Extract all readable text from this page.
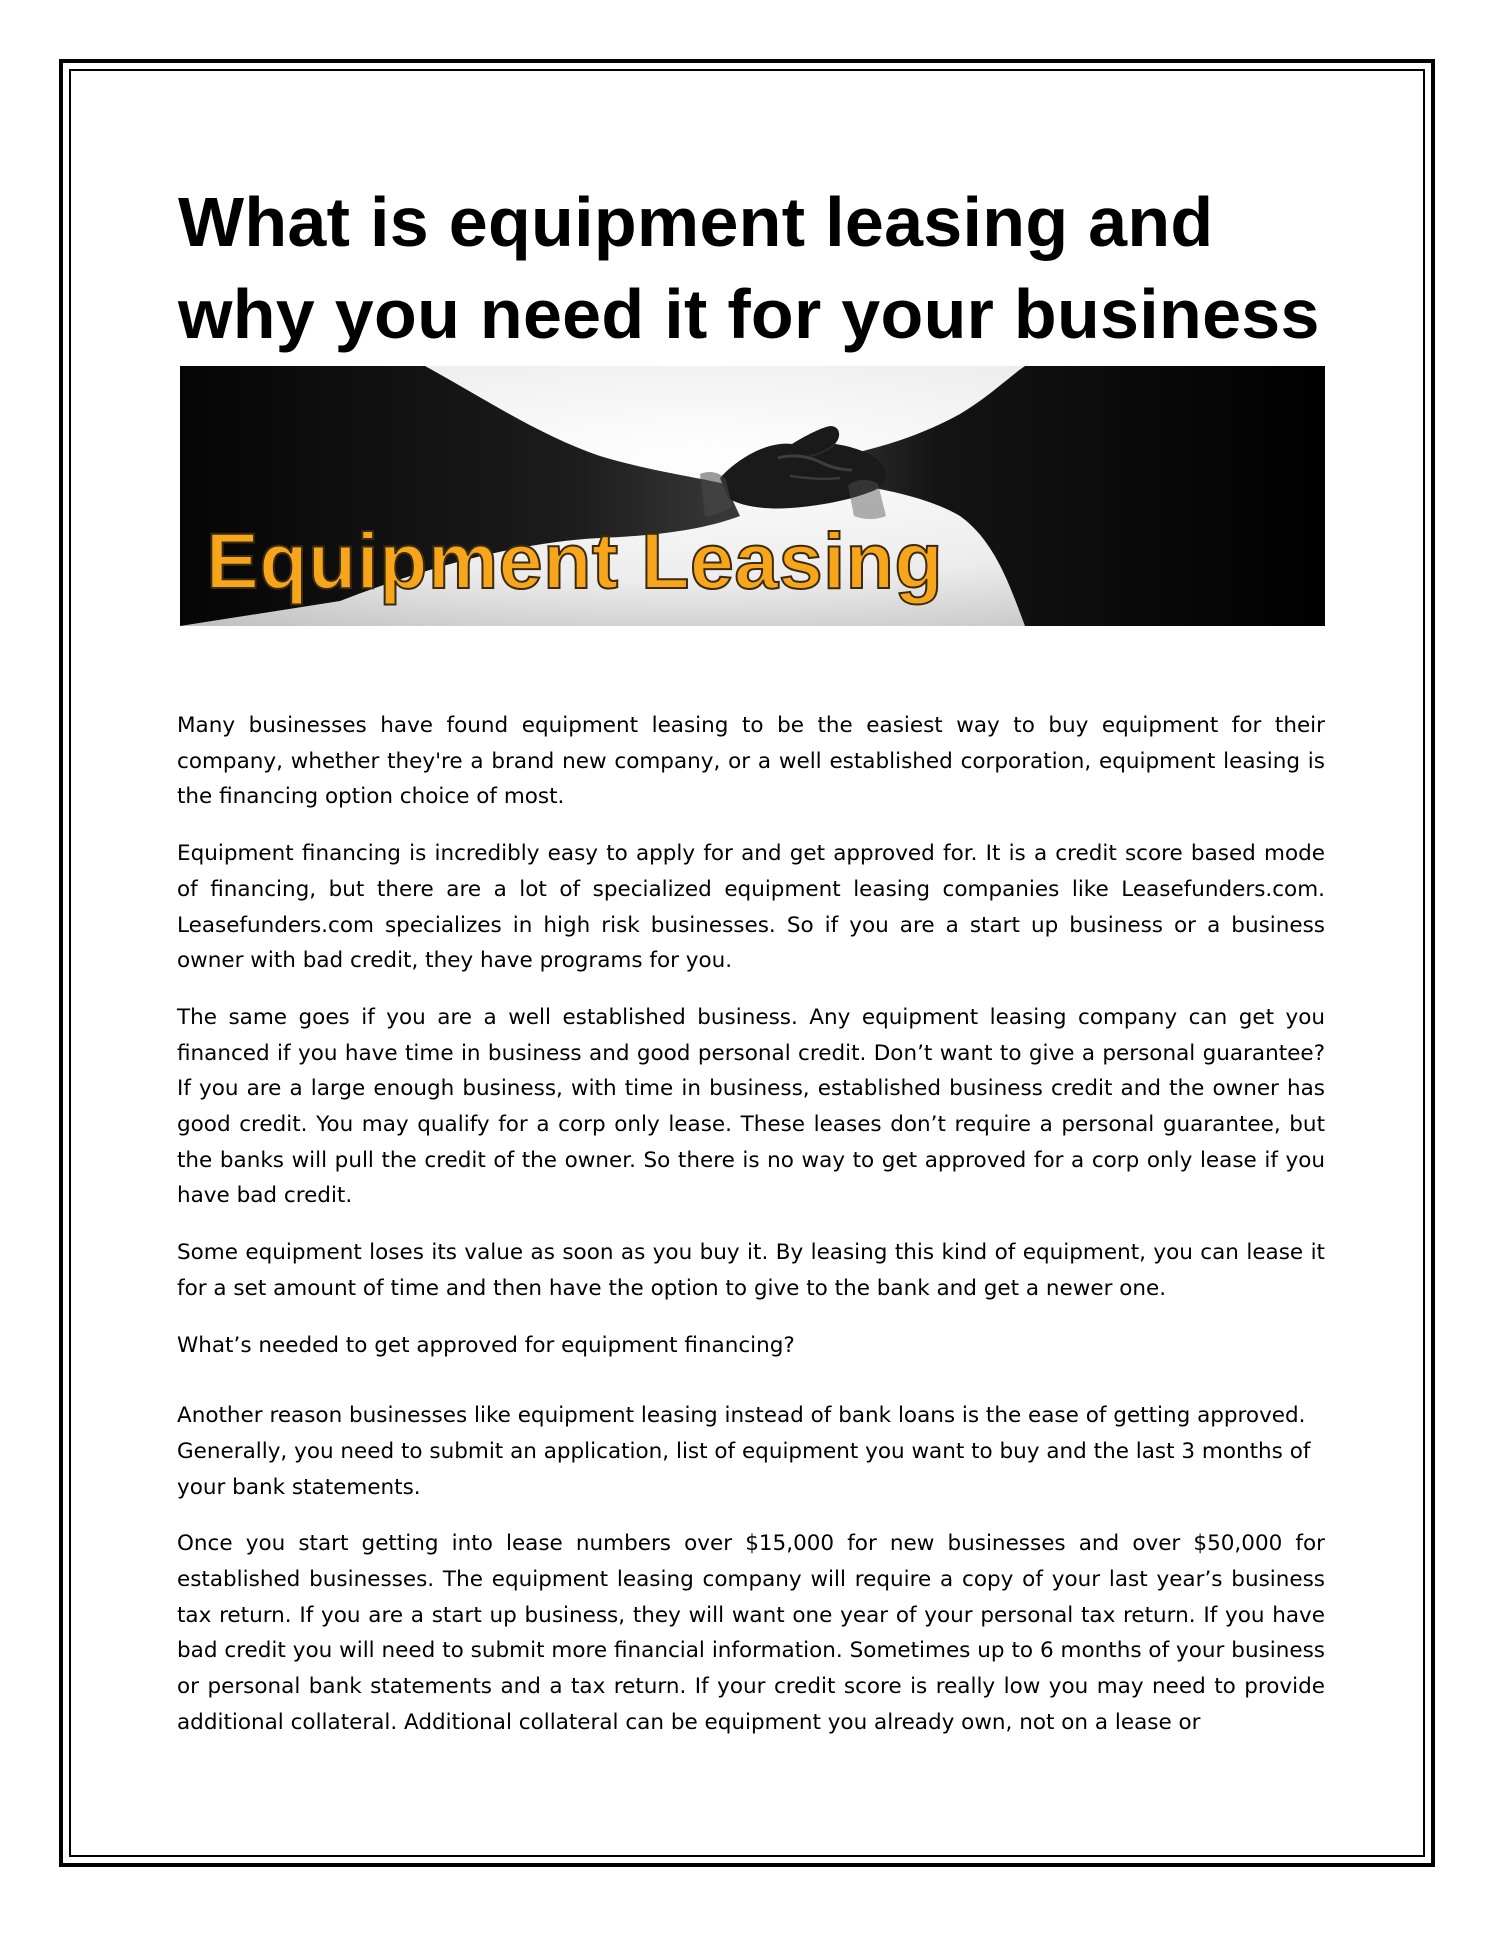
What is equipment leasing and why you need it for your business
Equipment Leasing

Many businesses have found equipment leasing to be the easiest way to buy equipment for their company, whether they're a brand new company, or a well established corporation, equipment leasing is the financing option choice of most.

Equipment financing is incredibly easy to apply for and get approved for. It is a credit score based mode of financing, but there are a lot of specialized equipment leasing companies like Leasefunders.com. Leasefunders.com specializes in high risk businesses. So if you are a start up business or a business owner with bad credit, they have programs for you.

The same goes if you are a well established business. Any equipment leasing company can get you financed if you have time in business and good personal credit. Don’t want to give a personal guarantee? If you are a large enough business, with time in business, established business credit and the owner has good credit. You may qualify for a corp only lease. These leases don’t require a personal guarantee, but the banks will pull the credit of the owner. So there is no way to get approved for a corp only lease if you have bad credit.

Some equipment loses its value as soon as you buy it. By leasing this kind of equipment, you can lease it for a set amount of time and then have the option to give to the bank and get a newer one.

What’s needed to get approved for equipment financing?

Another reason businesses like equipment leasing instead of bank loans is the ease of getting approved. Generally, you need to submit an application, list of equipment you want to buy and the last 3 months of your bank statements.

Once you start getting into lease numbers over $15,000 for new businesses and over $50,000 for established businesses. The equipment leasing company will require a copy of your last year’s business tax return. If you are a start up business, they will want one year of your personal tax return. If you have bad credit you will need to submit more financial information. Sometimes up to 6 months of your business or personal bank statements and a tax return. If your credit score is really low you may need to provide additional collateral. Additional collateral can be equipment you already own, not on a lease or
